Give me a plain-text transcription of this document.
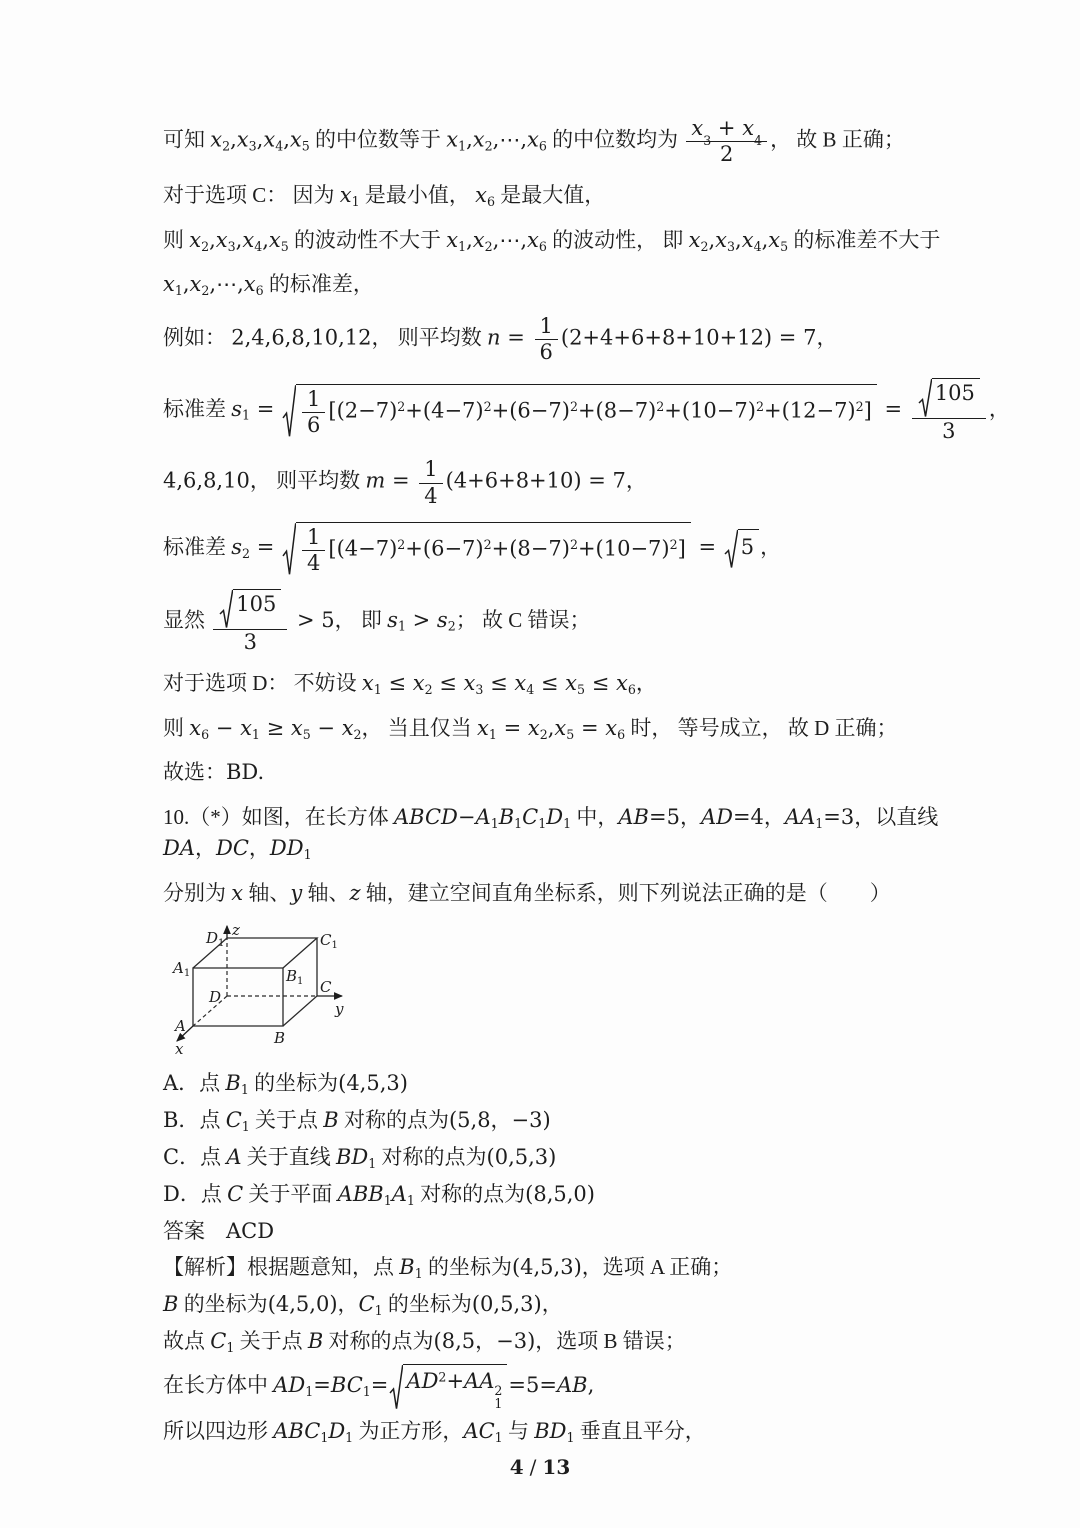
可知 $x_2,x_3,x_4,x_5$ 的中位数等于 $x_1,x_2,\cdots,x_6$ 的中位数均为 x
3
+ x
4
2 ， 故 B 正确；
对于选项 C： 因为 $x_1$ 是最小值， $x_6$ 是最大值，
则 $x_2,x_3,x_4,x_5$ 的波动性不大于 $x_1,x_2,\cdots,x_6$ 的波动性， 即 $x_2,x_3,x_4,x_5$ 的标准差不大于
$x_1,x_2,\cdots,x_6$ 的标准差，
例如： 2,4,6,8,10,12， 则平均数 $n = \frac{1}{6} (2+4+6+8+10+12) = 7$，
标准差 $s_1 = \frac{1}{6} [(2-7)^2+(4-7)^2+(6-7)^2+(8-7)^2+(10-7)^2+(12-7)^2] = \frac{105}{3}$ ，
4,6,8,10， 则平均数 $m = \frac{1}{4} (4+6+8+10) = 7$，
标准差 $s_2 = \frac{1}{4} [(4-7)^2+(6-7)^2+(8-7)^2+(10-7)^2] = 5$ ，
显然 $\frac{105}{3} > 5$， 即 $s_1 > s_2$； 故 C 错误；
对于选项 D： 不妨设 $x_1 \le x_2 \le x_3 \le x_4 \le x_5 \le x_6$，
则 $x_6 - x_1 \ge x_5 - x_2$， 当且仅当 $x_1 = x_2,x_5 = x_6$ 时， 等号成立， 故 D 正确；
故选：BD.
10.（*）如图，在长方体 $ABCD-A_1B_1C_1D_1$ 中，AB=5，AD=4，$AA_1=3$，以直线 DA，DC，$DD_1$
分别为 x 轴、y 轴、z 轴，建立空间直角坐标系，则下列说法正确的是（　　）
$D_1$
z
$C_1$
$A_1$	$B_1$
D
C
y
A
x
B
A．点 $B_1$ 的坐标为(4,5,3)
B．点 $C_1$ 关于点 B 对称的点为(5,8，−3)
C．点 A 关于直线 $BD_1$ 对称的点为(0,5,3)
D．点 C 关于平面 $ABB_1A_1$ 对称的点为(8,5,0)
答案　ACD
【解析】根据题意知，点 $B_1$ 的坐标为(4,5,3)，选项 A 正确；
B 的坐标为(4,5,0)，$C_1$ 的坐标为(0,5,3)，
故点 $C_1$ 关于点 B 对称的点为(8,5，−3)，选项 B 错误；
在长方体中 $AD_1=BC_1= AD^2+AA$ 2
1
=5=AB,
所以四边形 $ABC_1D_1$ 为正方形，$AC_1$ 与 $BD_1$ 垂直且平分，
4 / 13
